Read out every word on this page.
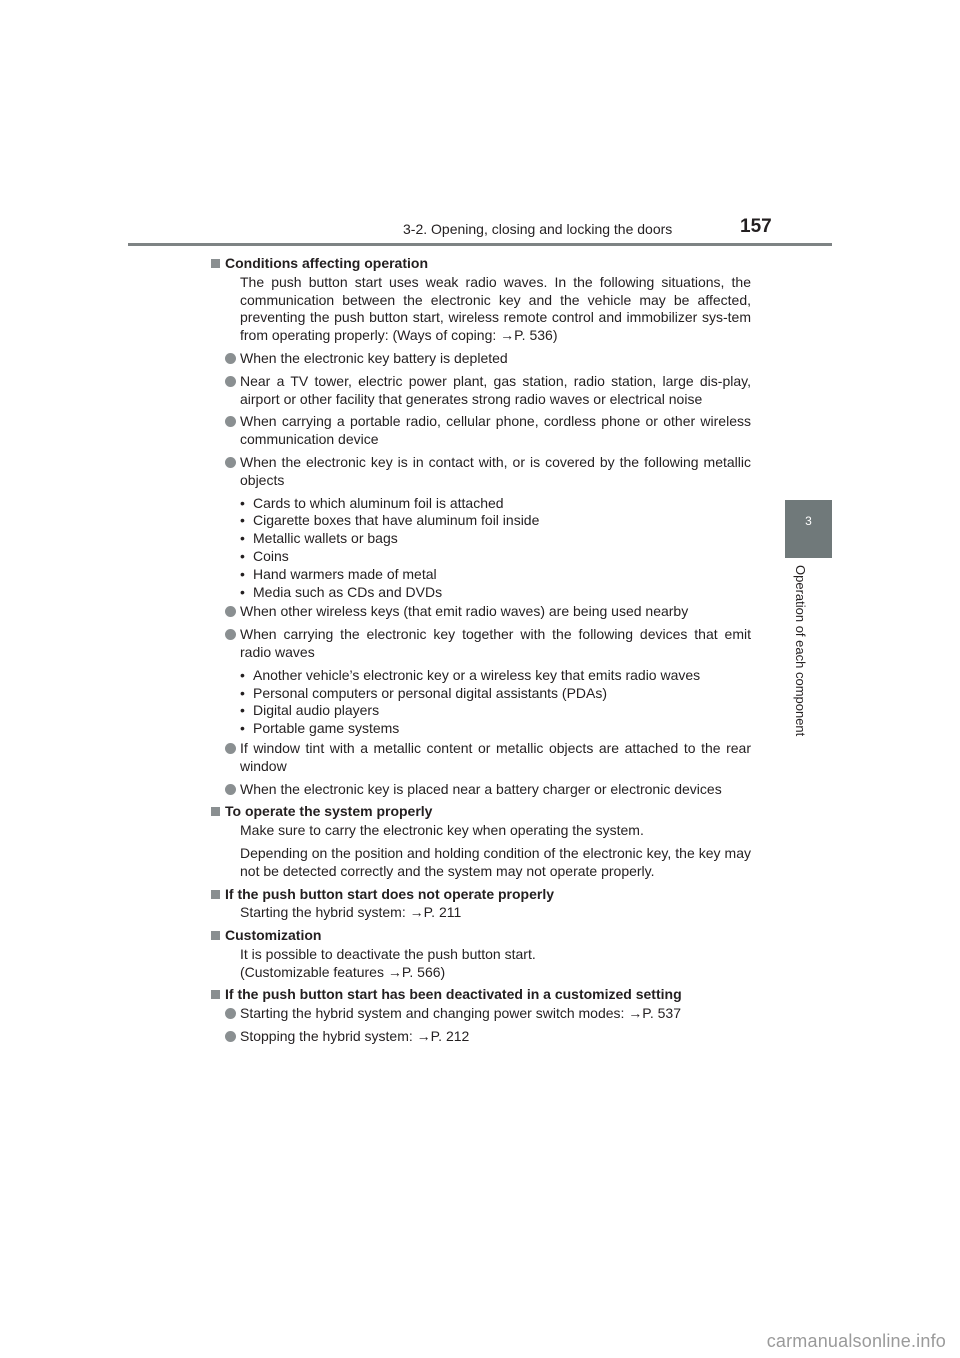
3-2. Opening, closing and locking the doors	157
3
Operation of each component
Conditions affecting operation
The push button start uses weak radio waves. In the following situations, the communication between the electronic key and the vehicle may be affected, preventing the push button start, wireless remote control and immobilizer sys-tem from operating properly: (Ways of coping: →P. 536)
When the electronic key battery is depleted
Near a TV tower, electric power plant, gas station, radio station, large dis-play, airport or other facility that generates strong radio waves or electrical noise
When carrying a portable radio, cellular phone, cordless phone or other wireless communication device
When the electronic key is in contact with, or is covered by the following metallic objects
• Cards to which aluminum foil is attached
• Cigarette boxes that have aluminum foil inside
• Metallic wallets or bags
• Coins
• Hand warmers made of metal
• Media such as CDs and DVDs
When other wireless keys (that emit radio waves) are being used nearby
When carrying the electronic key together with the following devices that emit radio waves
• Another vehicle’s electronic key or a wireless key that emits radio waves
• Personal computers or personal digital assistants (PDAs)
• Digital audio players
• Portable game systems
If window tint with a metallic content or metallic objects are attached to the rear window
When the electronic key is placed near a battery charger or electronic devices
To operate the system properly
Make sure to carry the electronic key when operating the system.
Depending on the position and holding condition of the electronic key, the key may not be detected correctly and the system may not operate properly.
If the push button start does not operate properly
Starting the hybrid system: →P. 211
Customization
It is possible to deactivate the push button start.
(Customizable features →P. 566)
If the push button start has been deactivated in a customized setting
Starting the hybrid system and changing power switch modes: →P. 537
Stopping the hybrid system: →P. 212
carmanualsonline.info
